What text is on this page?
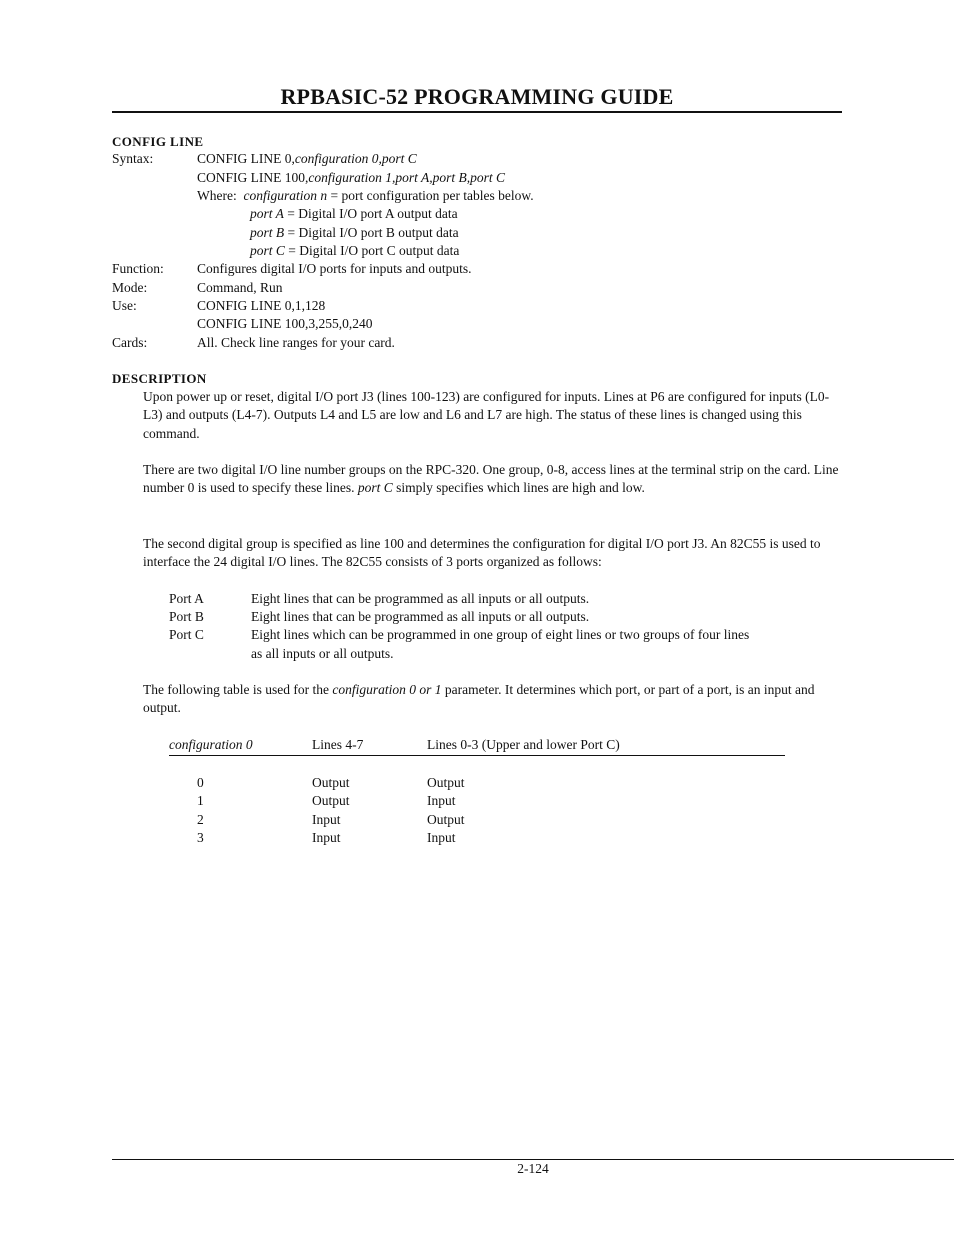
RPBASIC-52 PROGRAMMING GUIDE
CONFIG LINE
Syntax:	CONFIG LINE 0,configuration 0,port C
CONFIG LINE 100,configuration 1,port A,port B,port C
Where: configuration n = port configuration per tables below.
port A = Digital I/O port A output data
port B = Digital I/O port B output data
port C = Digital I/O port C output data
Function: Configures digital I/O ports for inputs and outputs.
Mode:	Command, Run
Use:	CONFIG LINE 0,1,128
CONFIG LINE 100,3,255,0,240
Cards:	All. Check line ranges for your card.
DESCRIPTION
Upon power up or reset, digital I/O port J3 (lines 100-123) are configured for inputs. Lines at P6 are configured for inputs (L0-L3) and outputs (L4-7). Outputs L4 and L5 are low and L6 and L7 are high. The status of these lines is changed using this command.
There are two digital I/O line number groups on the RPC-320. One group, 0-8, access lines at the terminal strip on the card. Line number 0 is used to specify these lines. port C simply specifies which lines are high and low.
The second digital group is specified as line 100 and determines the configuration for digital I/O port J3. An 82C55 is used to interface the 24 digital I/O lines. The 82C55 consists of 3 ports organized as follows:
Port A	Eight lines that can be programmed as all inputs or all outputs.
Port B	Eight lines that can be programmed as all inputs or all outputs.
Port C	Eight lines which can be programmed in one group of eight lines or two groups of four lines
as all inputs or all outputs.
The following table is used for the configuration 0 or 1 parameter. It determines which port, or part of a port, is an input and output.
configuration 0	Lines 4-7	Lines 0-3 (Upper and lower Port C)
0	Output	Output
1	Output	Input
2	Input	Output
3	Input	Input
2-124
